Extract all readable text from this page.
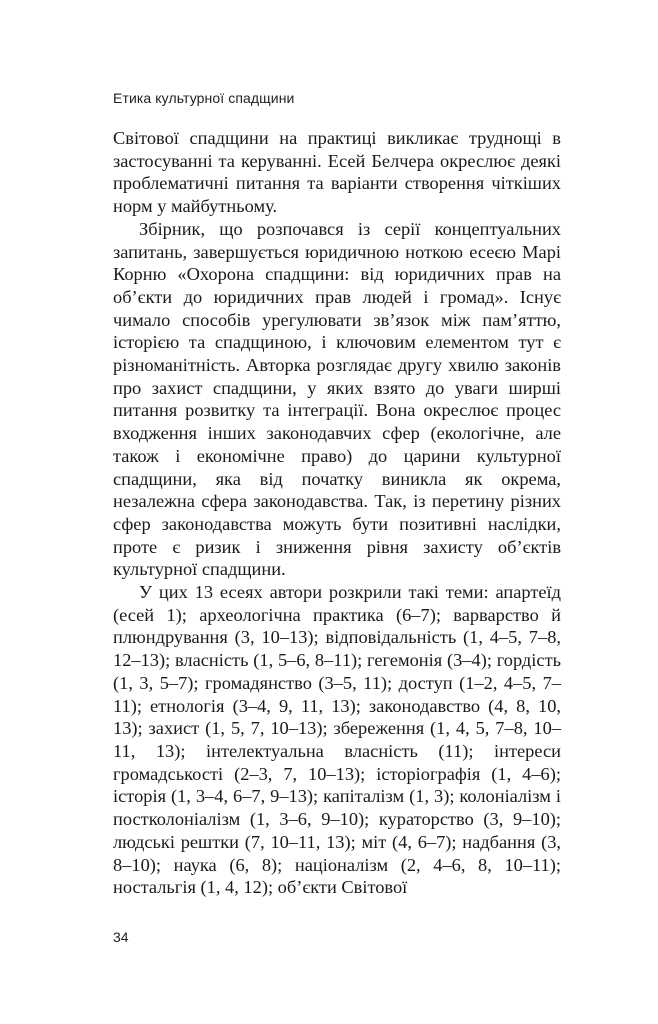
Етика культурної спадщини

Світової спадщини на практиці викликає труднощі в застосуванні та керуванні. Есей Белчера окреслює деякі проблематичні питання та варіанти створення чіткіших норм у майбутньому.

Збірник, що розпочався із серії концептуальних запитань, завершується юридичною ноткою есеєю Марі Корню «Охорона спадщини: від юридичних прав на об’єкти до юридичних прав людей і громад». Існує чимало способів урегулювати зв’язок між пам’яттю, історією та спадщиною, і ключовим елементом тут є різноманітність. Авторка розглядає другу хвилю законів про захист спадщини, у яких взято до уваги ширші питання розвитку та інтеграції. Вона окреслює процес входження інших законодавчих сфер (екологічне, але також і економічне право) до царини культурної спадщини, яка від початку виникла як окрема, незалежна сфера законодавства. Так, із перетину різних сфер законодавства можуть бути позитивні наслідки, проте є ризик і зниження рівня захисту об’єктів культурної спадщини.

У цих 13 есеях автори розкрили такі теми: апартеїд (есей 1); археологічна практика (6–7); варварство й плюндрування (3, 10–13); відповідальність (1, 4–5, 7–8, 12–13); власність (1, 5–6, 8–11); гегемонія (3–4); гордість (1, 3, 5–7); громадянство (3–5, 11); доступ (1–2, 4–5, 7–11); етнологія (3–4, 9, 11, 13); законодавство (4, 8, 10, 13); захист (1, 5, 7, 10–13); збереження (1, 4, 5, 7–8, 10–11, 13); інтелектуальна власність (11); інтереси громадськості (2–3, 7, 10–13); історіографія (1, 4–6); історія (1, 3–4, 6–7, 9–13); капіталізм (1, 3); колоніалізм і постколоніалізм (1, 3–6, 9–10); кураторство (3, 9–10); людські рештки (7, 10–11, 13); міт (4, 6–7); надбання (3, 8–10); наука (6, 8); націоналізм (2, 4–6, 8, 10–11); ностальгія (1, 4, 12); об’єкти Світової

34
